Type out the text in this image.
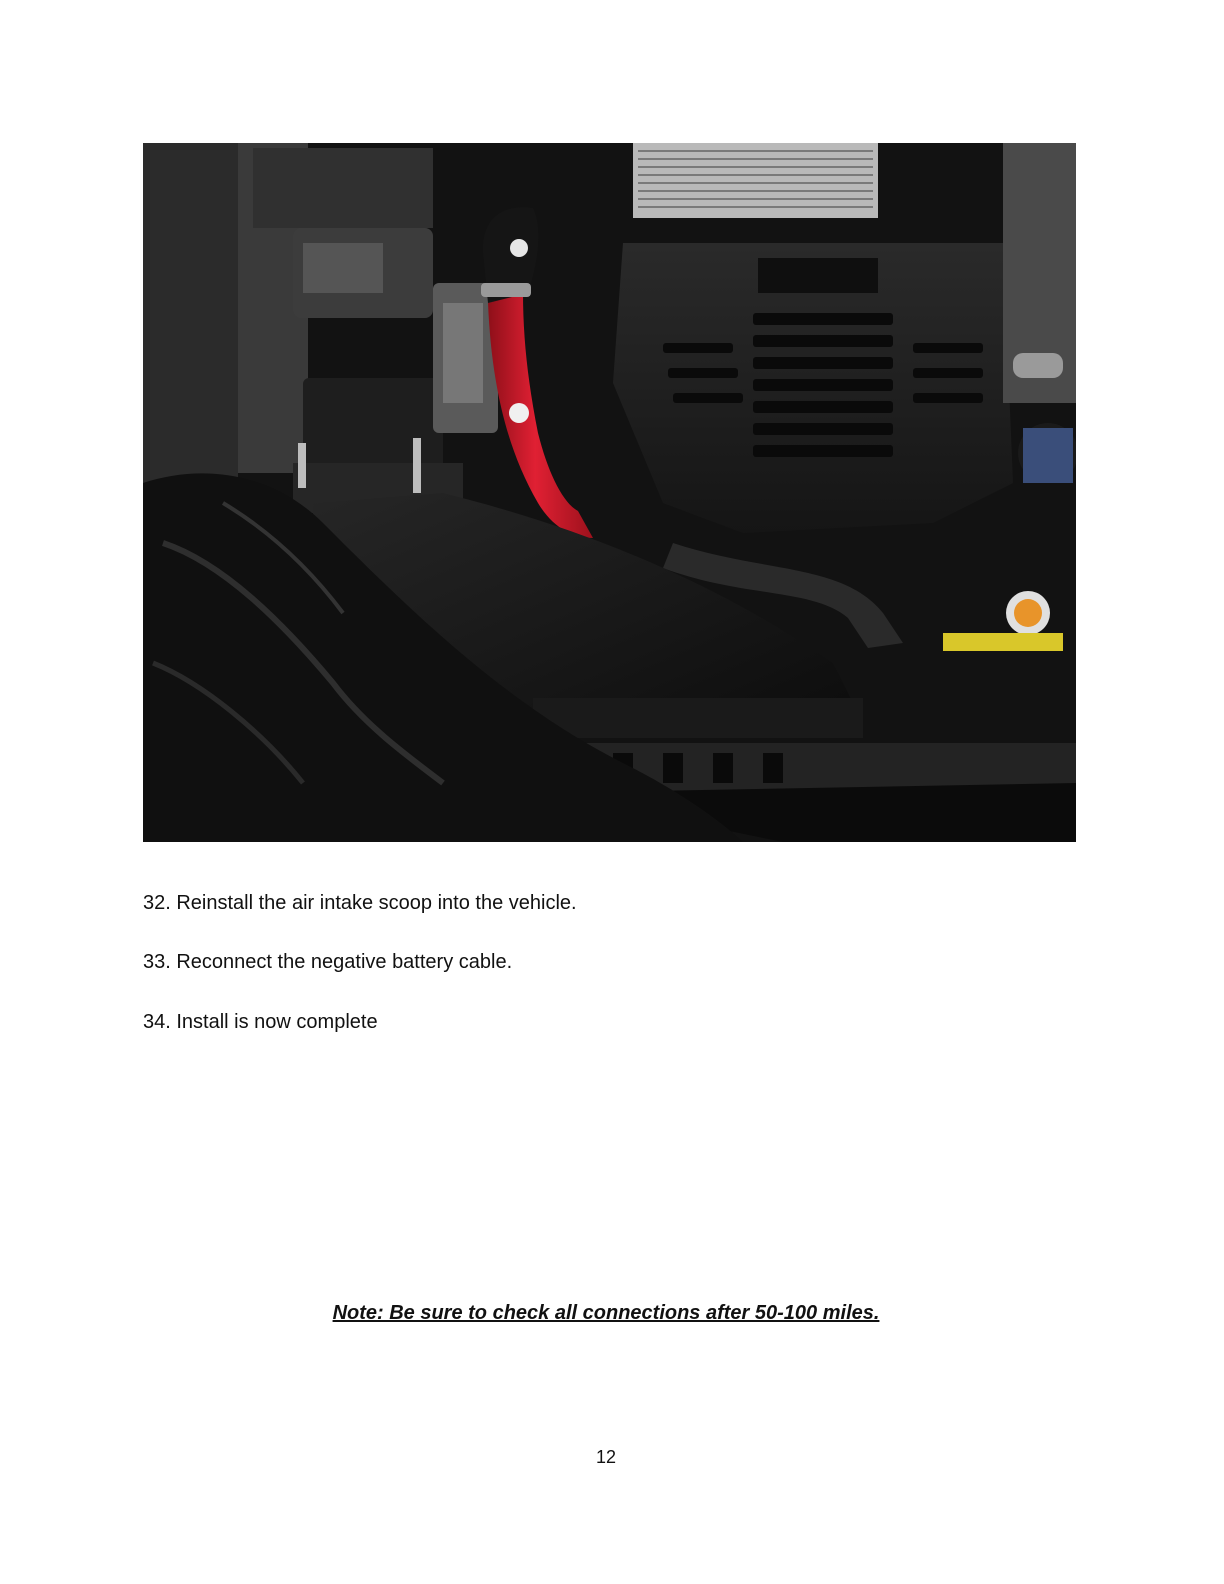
32. Reinstall the air intake scoop into the vehicle.
33. Reconnect the negative battery cable.
34. Install is now complete
Note: Be sure to check all connections after 50-100 miles.
12
